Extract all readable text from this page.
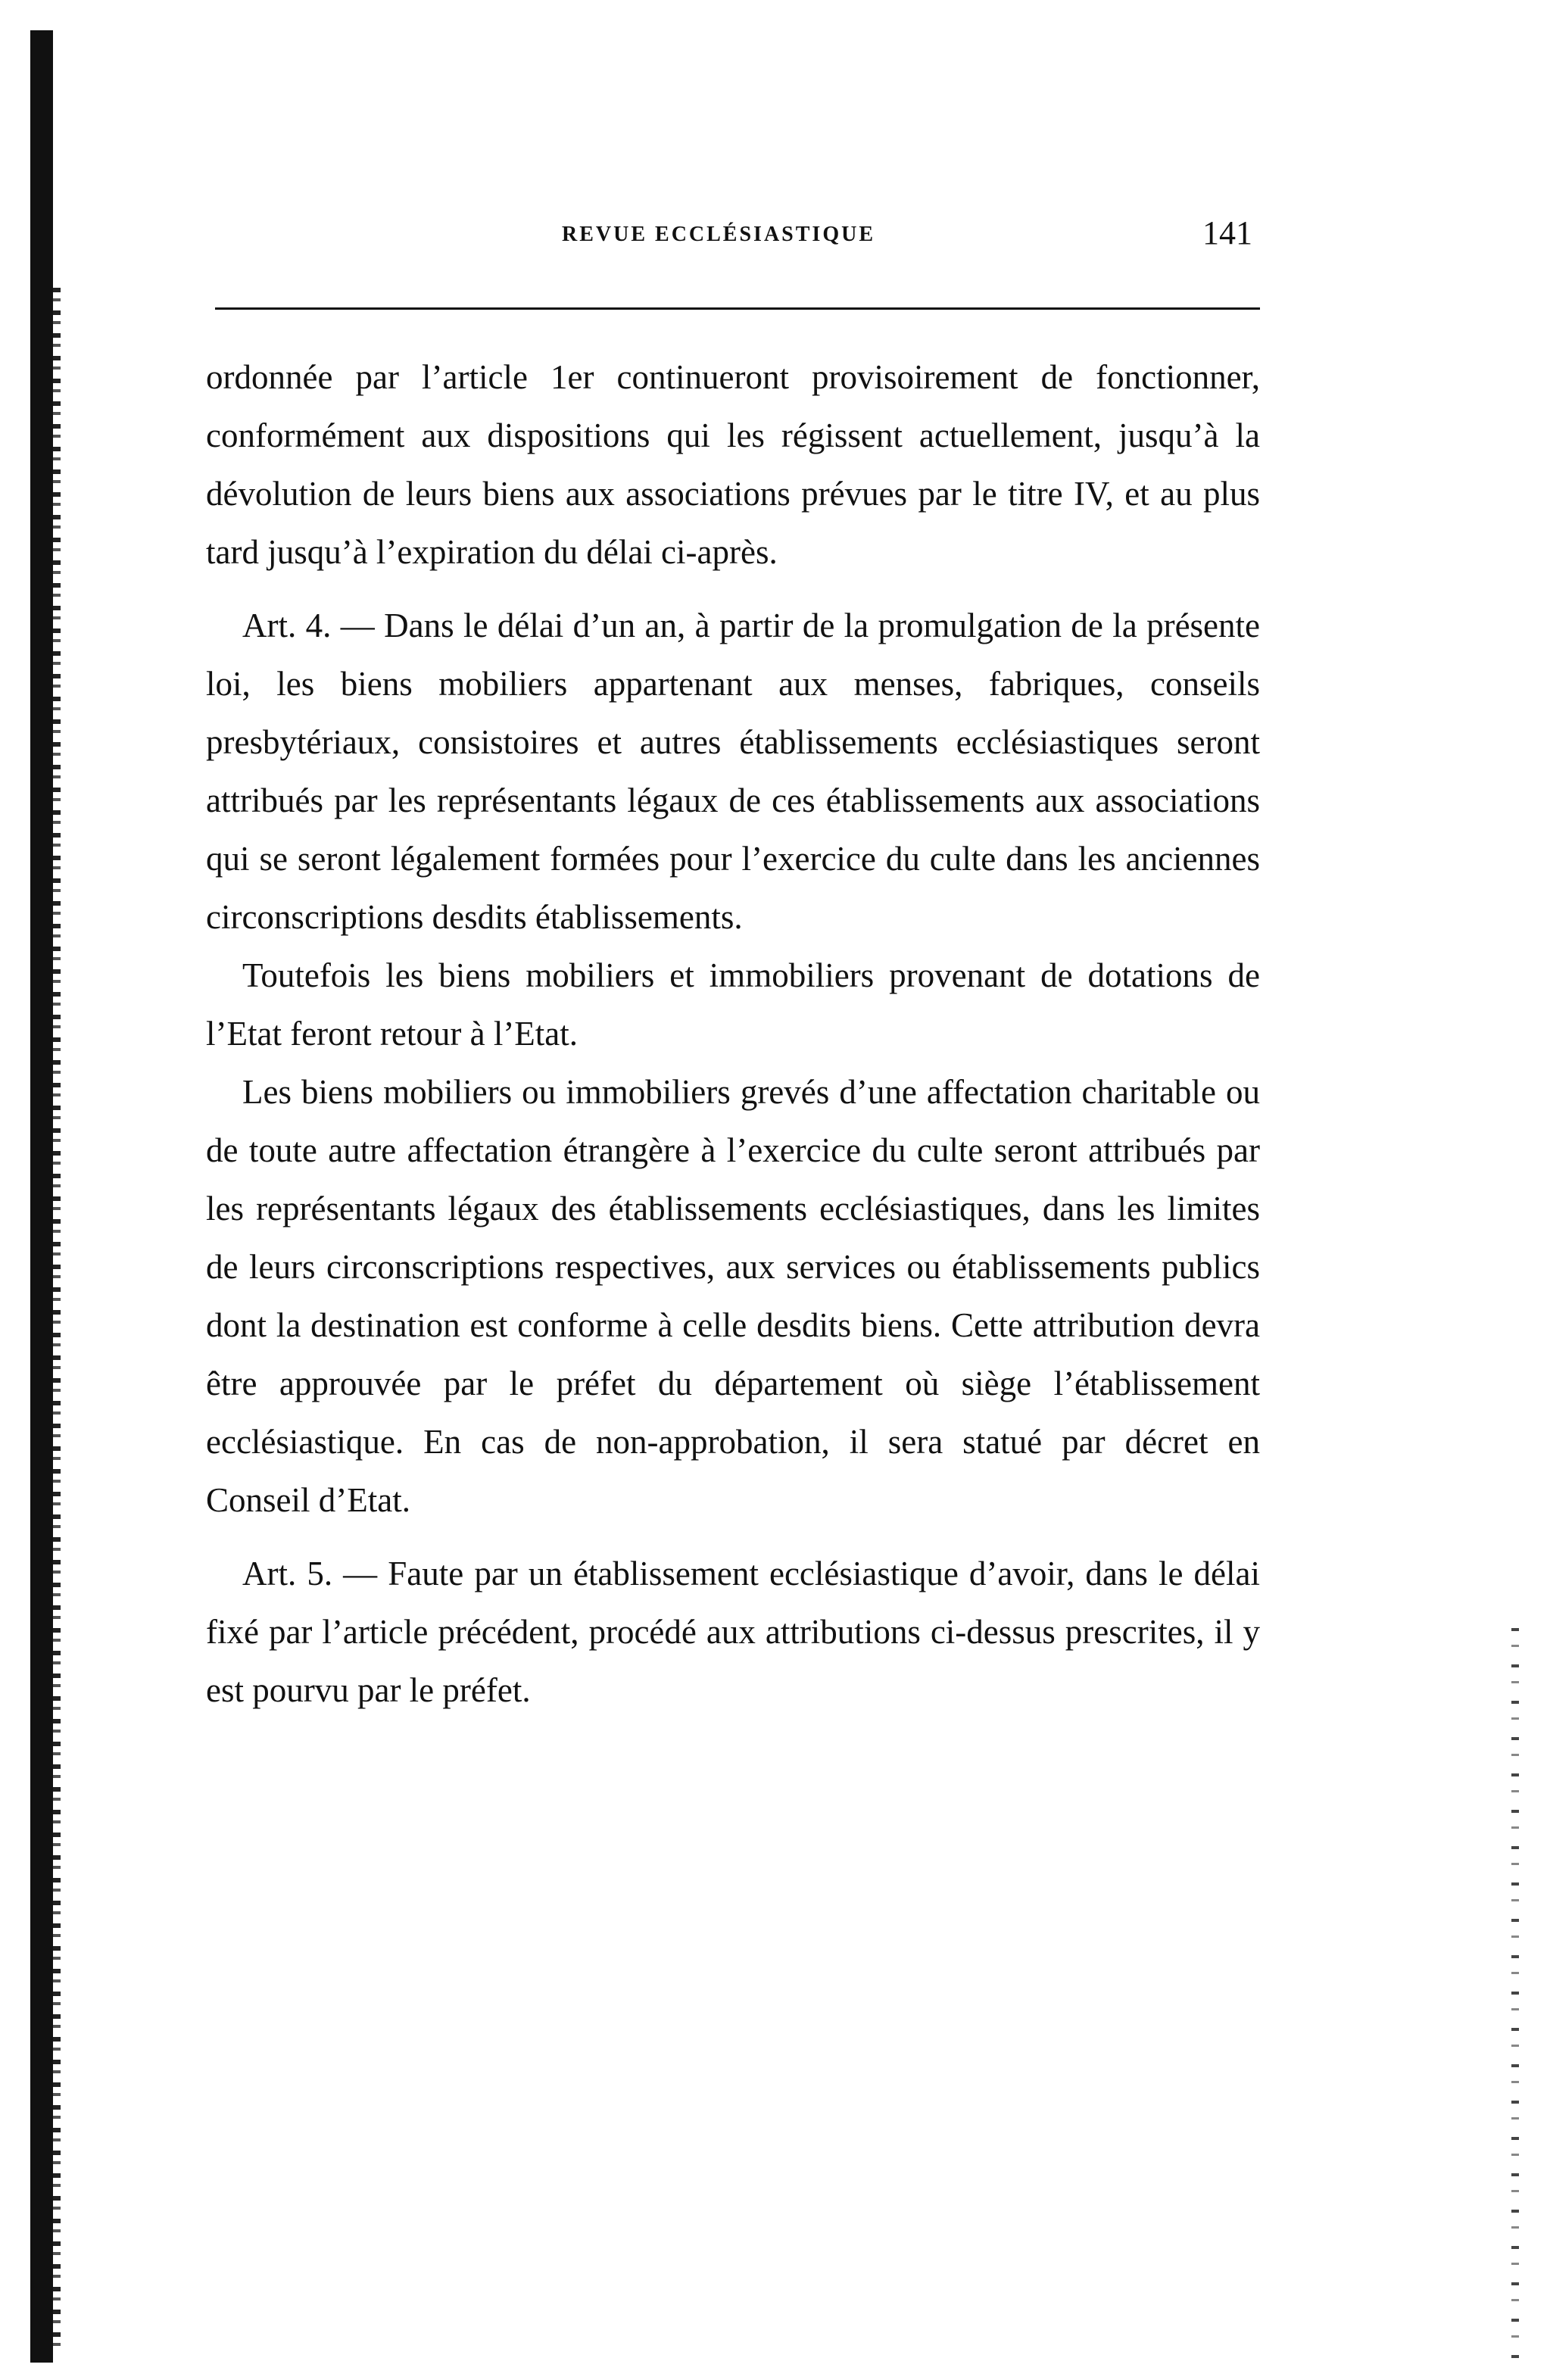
REVUE ECCLÉSIASTIQUE	141

ordonnée par l’article 1er continueront provisoirement de fonctionner, conformément aux dispositions qui les régissent actuellement, jusqu’à la dévolution de leurs biens aux associations prévues par le titre IV, et au plus tard jusqu’à l’expiration du délai ci-après.

Art. 4. — Dans le délai d’un an, à partir de la promulgation de la présente loi, les biens mobiliers appartenant aux menses, fabriques, conseils presbytériaux, consistoires et autres établissements ecclésiastiques seront attribués par les représentants légaux de ces établissements aux associations qui se seront légalement formées pour l’exercice du culte dans les anciennes circonscriptions desdits établissements.

Toutefois les biens mobiliers et immobiliers provenant de dotations de l’Etat feront retour à l’Etat.

Les biens mobiliers ou immobiliers grevés d’une affectation charitable ou de toute autre affectation étrangère à l’exercice du culte seront attribués par les représentants légaux des établissements ecclésiastiques, dans les limites de leurs circonscriptions respectives, aux services ou établissements publics dont la destination est conforme à celle desdits biens. Cette attribution devra être approuvée par le préfet du département où siège l’établissement ecclésiastique. En cas de non-approbation, il sera statué par décret en Conseil d’Etat.

Art. 5. — Faute par un établissement ecclésiastique d’avoir, dans le délai fixé par l’article précédent, procédé aux attributions ci-dessus prescrites, il y est pourvu par le préfet.
